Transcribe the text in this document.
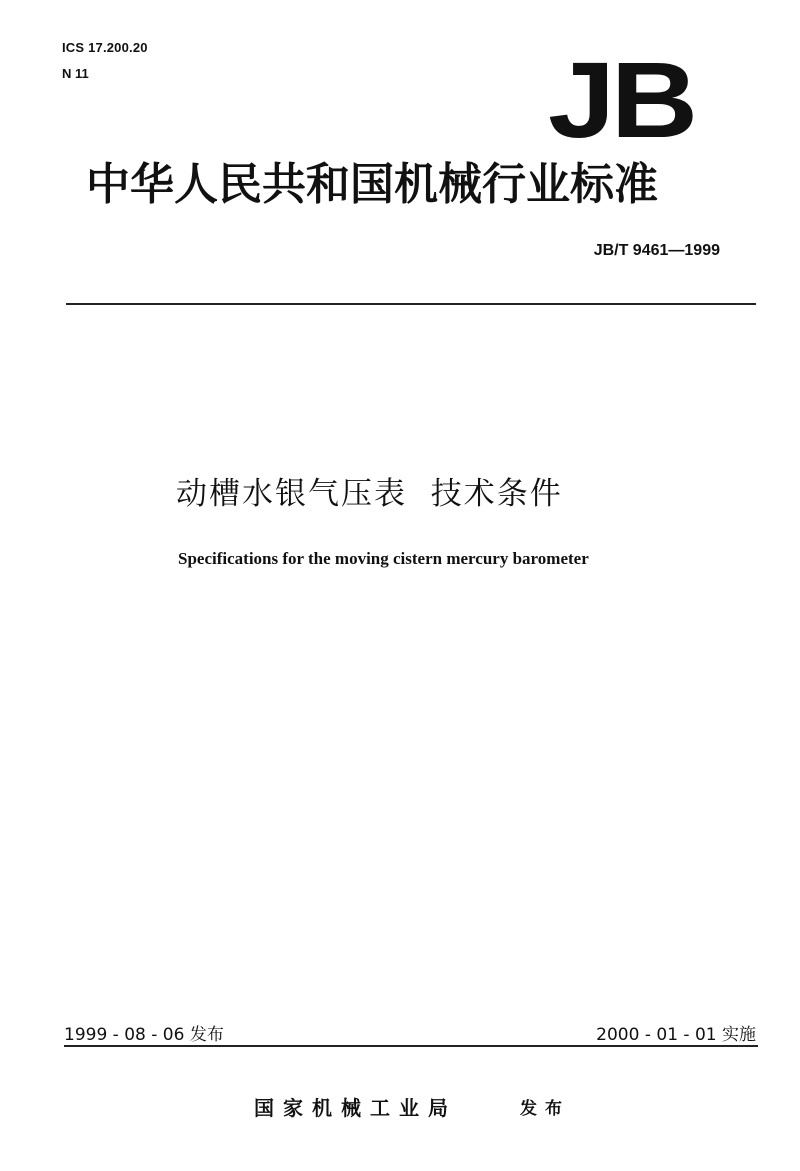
ICS 17.200.20
N 11	JB
中华人民共和国机械行业标准
JB/T 9461—1999
动槽水银气压表  技术条件
Specifications for the moving cistern mercury barometer
1999 - 08 - 06 发布	2000 - 01 - 01 实施
国家机械工业局	发布
